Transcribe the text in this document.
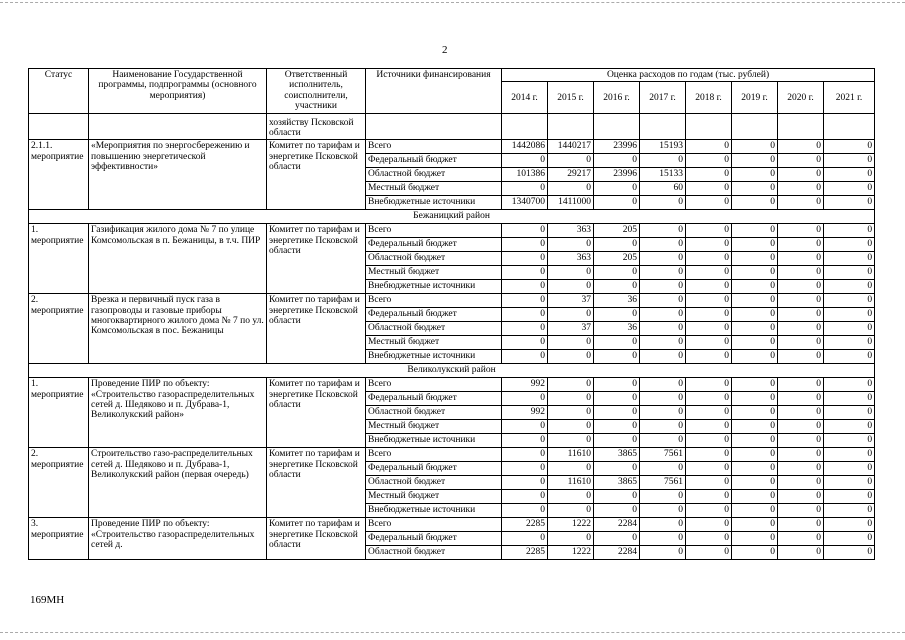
2
Статус	Наименование Государственной программы, подпрограммы (основного мероприятия)	Ответственный исполнитель, соисполнители, участники	Источники финансирования	Оценка расходов по годам (тыс. рублей)							
				2014 г.	2015 г.	2016 г.	2017 г.	2018 г.	2019 г.	2020 г.	2021 г.
		хозяйству Псковской области									
2.1.1. мероприятие	«Мероприятия по энергосбережению и повышению энергетической эффективности»	Комитет по тарифам и энергетике Псковской области	Всего	1442086	1440217	23996	15193	0	0	0	0
			Федеральный бюджет	0	0	0	0	0	0	0	0
			Областной бюджет	101386	29217	23996	15133	0	0	0	0
			Местный бюджет	0	0	0	60	0	0	0	0
			Внебюджетные источники	1340700	1411000	0	0	0	0	0	0
Бежаницкий район											
1. мероприятие	Газификация жилого дома № 7 по улице Комсомольская в п. Бежаницы, в т.ч. ПИР	Комитет по тарифам и энергетике Псковской области	Всего	0	363	205	0	0	0	0	0
			Федеральный бюджет	0	0	0	0	0	0	0	0
			Областной бюджет	0	363	205	0	0	0	0	0
			Местный бюджет	0	0	0	0	0	0	0	0
			Внебюджетные источники	0	0	0	0	0	0	0	0
2. мероприятие	Врезка и первичный пуск газа в газопроводы и газовые приборы многоквартирного жилого дома № 7 по ул. Комсомольская в пос. Бежаницы	Комитет по тарифам и энергетике Псковской области	Всего	0	37	36	0	0	0	0	0
			Федеральный бюджет	0	0	0	0	0	0	0	0
			Областной бюджет	0	37	36	0	0	0	0	0
			Местный бюджет	0	0	0	0	0	0	0	0
			Внебюджетные источники	0	0	0	0	0	0	0	0
Великолукский район											
1. мероприятие	Проведение ПИР по объекту: «Строительство газораспределительных сетей д. Шедяково и п. Дубрава-1, Великолукский район»	Комитет по тарифам и энергетике Псковской области	Всего	992	0	0	0	0	0	0	0
			Федеральный бюджет	0	0	0	0	0	0	0	0
			Областной бюджет	992	0	0	0	0	0	0	0
			Местный бюджет	0	0	0	0	0	0	0	0
			Внебюджетные источники	0	0	0	0	0	0	0	0
2. мероприятие	Строительство газо-распределительных сетей д. Шедяково и п. Дубрава-1, Великолукский район (первая очередь)	Комитет по тарифам и энергетике Псковской области	Всего	0	11610	3865	7561	0	0	0	0
			Федеральный бюджет	0	0	0	0	0	0	0	0
			Областной бюджет	0	11610	3865	7561	0	0	0	0
			Местный бюджет	0	0	0	0	0	0	0	0
			Внебюджетные источники	0	0	0	0	0	0	0	0
3. мероприятие	Проведение ПИР по объекту: «Строительство газораспределительных сетей д.	Комитет по тарифам и энергетике Псковской области	Всего	2285	1222	2284	0	0	0	0	0
			Федеральный бюджет	0	0	0	0	0	0	0	0
			Областной бюджет	2285	1222	2284	0	0	0	0	0
169МН
